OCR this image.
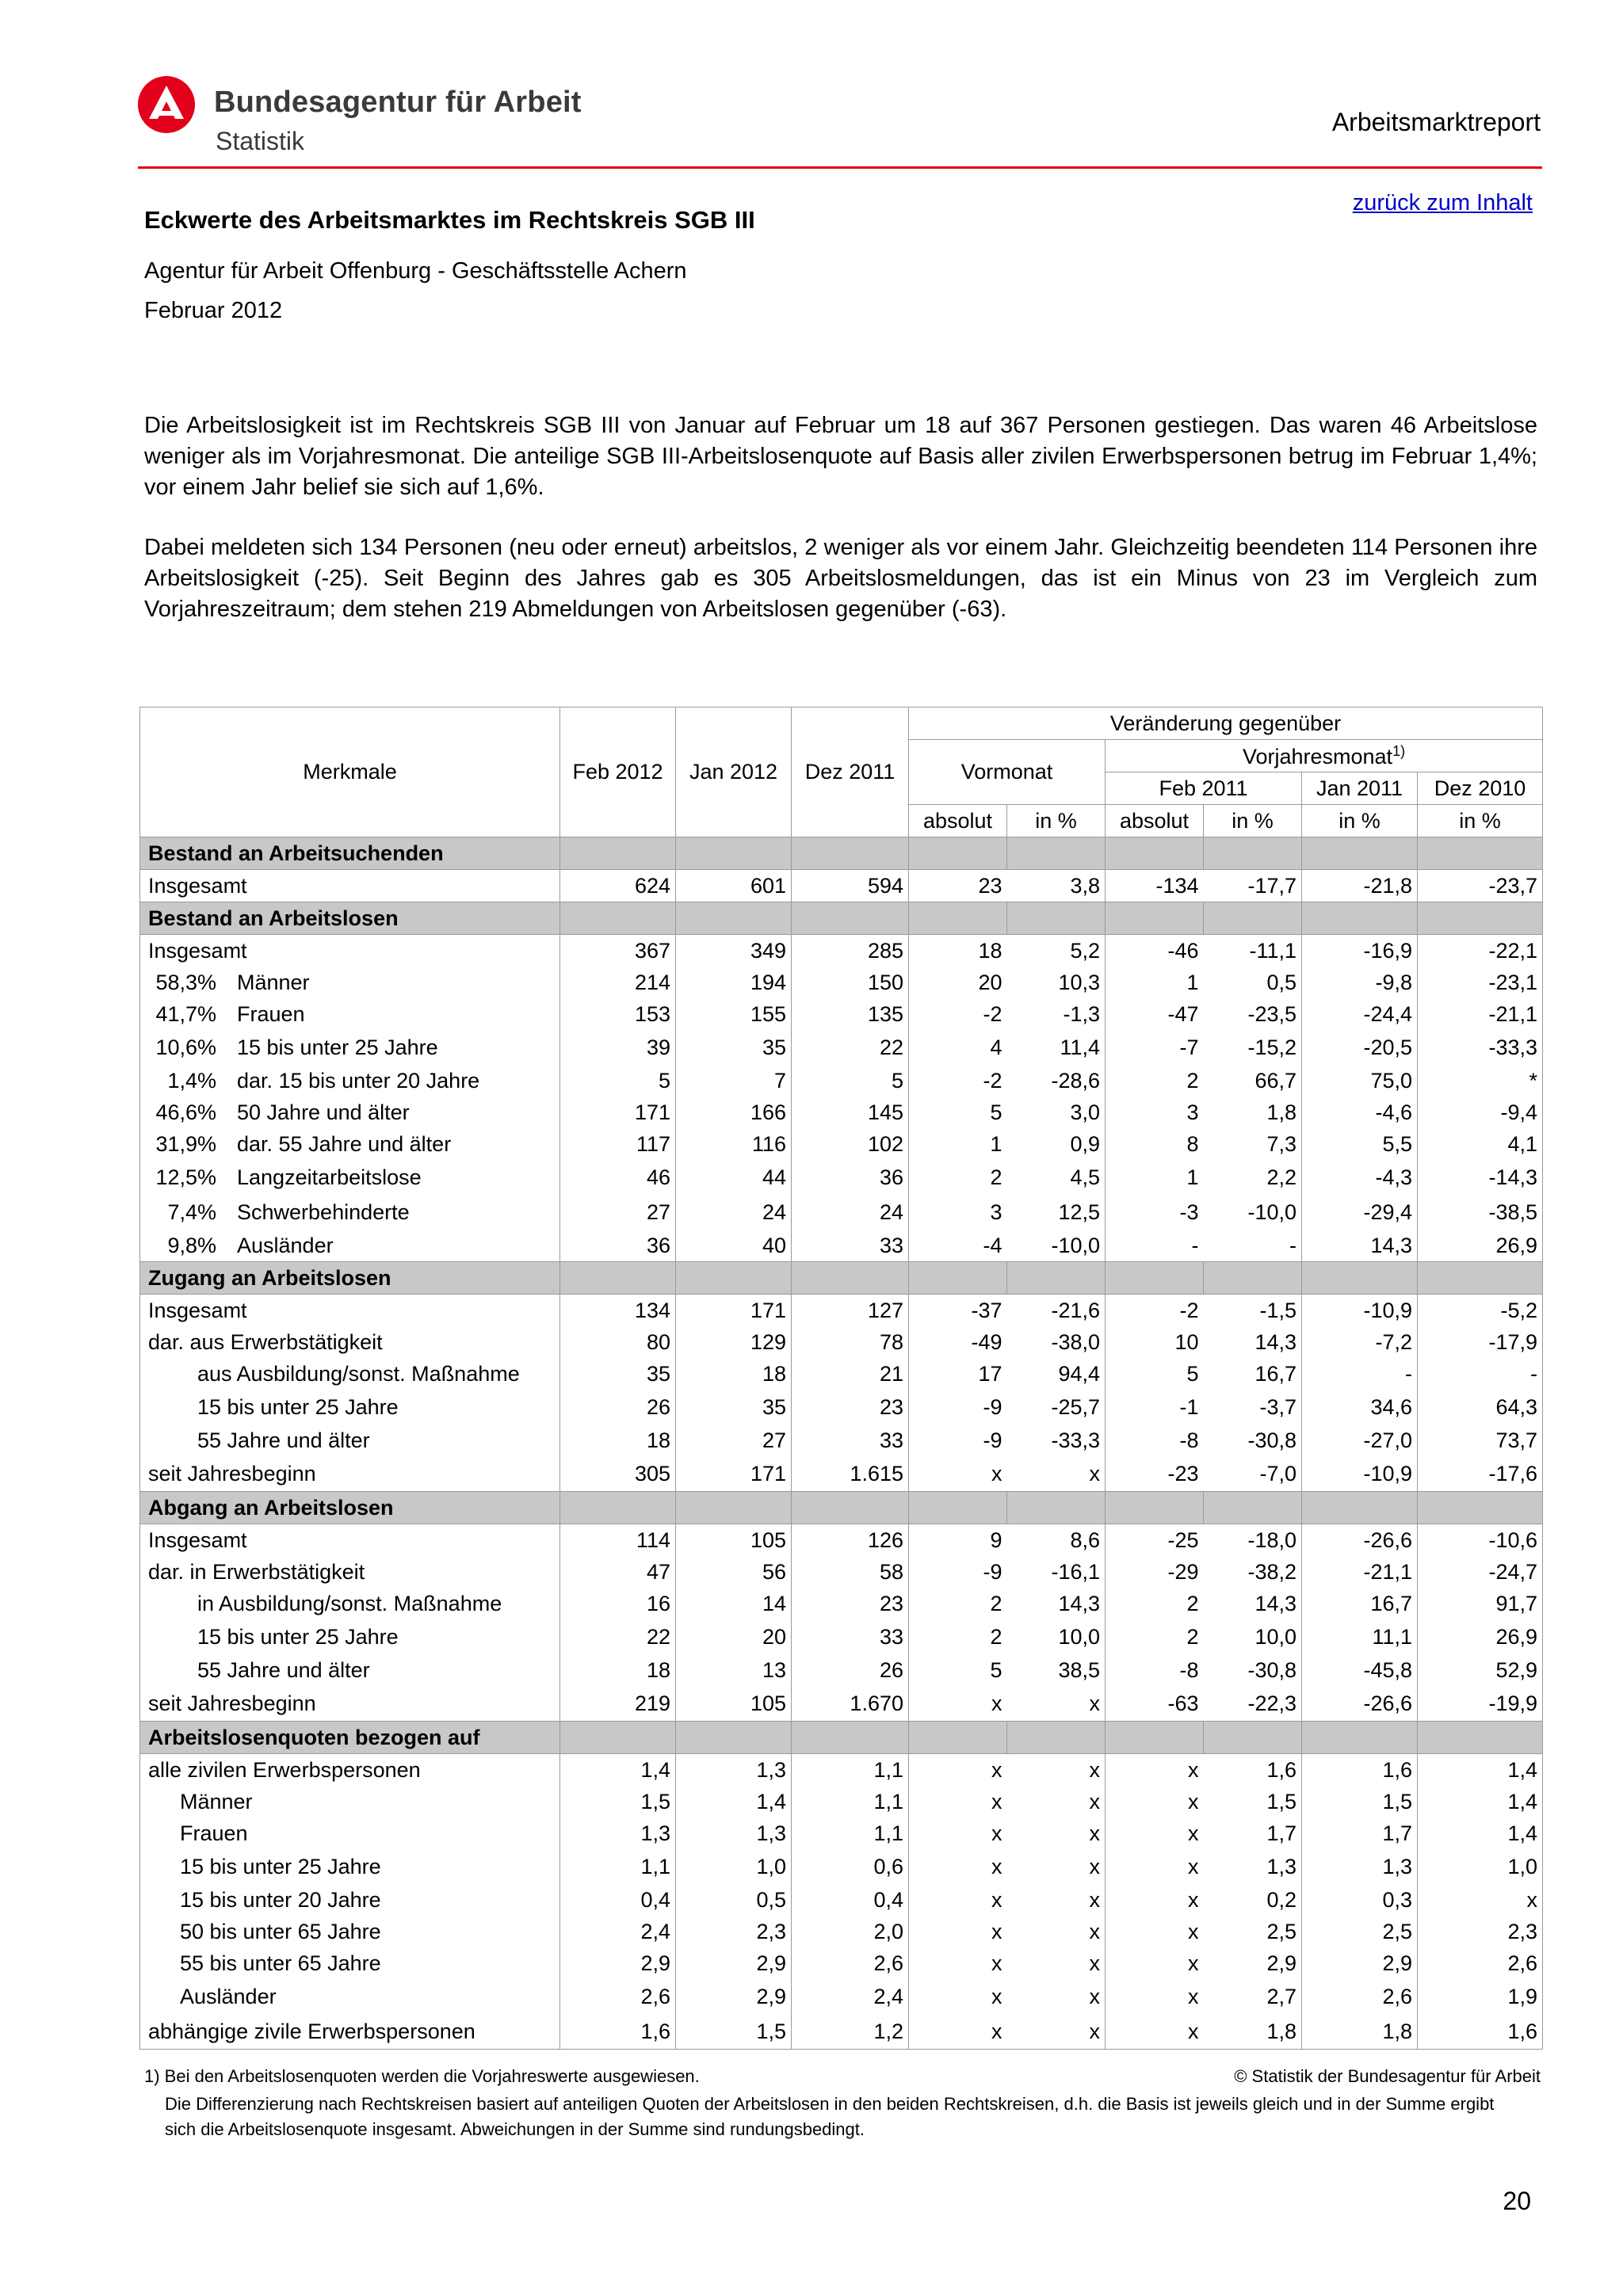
Bundesagentur für Arbeit
Statistik
Arbeitsmarktreport
zurück zum Inhalt
Eckwerte des Arbeitsmarktes im Rechtskreis SGB III
Agentur für Arbeit Offenburg - Geschäftsstelle Achern
Februar 2012

Die Arbeitslosigkeit ist im Rechtskreis SGB III von Januar auf Februar um 18 auf 367 Personen gestiegen. Das waren 46 Arbeitslose weniger als im Vorjahresmonat. Die anteilige SGB III-Arbeitslosenquote auf Basis aller zivilen Erwerbspersonen betrug im Februar 1,4%; vor einem Jahr belief sie sich auf 1,6%.

Dabei meldeten sich 134 Personen (neu oder erneut) arbeitslos, 2 weniger als vor einem Jahr. Gleichzeitig beendeten 114 Personen ihre Arbeitslosigkeit (-25). Seit Beginn des Jahres gab es 305 Arbeitslosmeldungen, das ist ein Minus von 23 im Vergleich zum Vorjahreszeitraum; dem stehen 219 Abmeldungen von Arbeitslosen gegenüber (-63).

Merkmale	Feb 2012	Jan 2012	Dez 2011	Veränderung gegenüber					
				Vormonat		Vorjahresmonat$^{1)}$
						Feb 2011		Jan 2011	Dez 2010
				absolut	in %	absolut	in %	in %	in %
Bestand an Arbeitsuchenden									
Insgesamt	624	601	594	23	3,8	-134	-17,7	-21,8	-23,7
Bestand an Arbeitslosen									
Insgesamt	367	349	285	18	5,2	-46	-11,1	-16,9	-22,1
58,3% Männer	214	194	150	20	10,3	1	0,5	-9,8	-23,1
41,7% Frauen	153	155	135	-2	-1,3	-47	-23,5	-24,4	-21,1
10,6% 15 bis unter 25 Jahre	39	35	22	4	11,4	-7	-15,2	-20,5	-33,3
1,4% dar. 15 bis unter 20 Jahre	5	7	5	-2	-28,6	2	66,7	75,0	*
46,6% 50 Jahre und älter	171	166	145	5	3,0	3	1,8	-4,6	-9,4
31,9% dar. 55 Jahre und älter	117	116	102	1	0,9	8	7,3	5,5	4,1
12,5% Langzeitarbeitslose	46	44	36	2	4,5	1	2,2	-4,3	-14,3
7,4% Schwerbehinderte	27	24	24	3	12,5	-3	-10,0	-29,4	-38,5
9,8% Ausländer	36	40	33	-4	-10,0	-	-	14,3	26,9
Zugang an Arbeitslosen									
Insgesamt	134	171	127	-37	-21,6	-2	-1,5	-10,9	-5,2
dar. aus Erwerbstätigkeit	80	129	78	-49	-38,0	10	14,3	-7,2	-17,9
aus Ausbildung/sonst. Maßnahme	35	18	21	17	94,4	5	16,7	-	-
15 bis unter 25 Jahre	26	35	23	-9	-25,7	-1	-3,7	34,6	64,3
55 Jahre und älter	18	27	33	-9	-33,3	-8	-30,8	-27,0	73,7
seit Jahresbeginn	305	171	1.615	x	x	-23	-7,0	-10,9	-17,6
Abgang an Arbeitslosen									
Insgesamt	114	105	126	9	8,6	-25	-18,0	-26,6	-10,6
dar. in Erwerbstätigkeit	47	56	58	-9	-16,1	-29	-38,2	-21,1	-24,7
in Ausbildung/sonst. Maßnahme	16	14	23	2	14,3	2	14,3	16,7	91,7
15 bis unter 25 Jahre	22	20	33	2	10,0	2	10,0	11,1	26,9
55 Jahre und älter	18	13	26	5	38,5	-8	-30,8	-45,8	52,9
seit Jahresbeginn	219	105	1.670	x	x	-63	-22,3	-26,6	-19,9
Arbeitslosenquoten bezogen auf									
alle zivilen Erwerbspersonen	1,4	1,3	1,1	x	x	x	1,6	1,6	1,4
Männer	1,5	1,4	1,1	x	x	x	1,5	1,5	1,4
Frauen	1,3	1,3	1,1	x	x	x	1,7	1,7	1,4
15 bis unter 25 Jahre	1,1	1,0	0,6	x	x	x	1,3	1,3	1,0
15 bis unter 20 Jahre	0,4	0,5	0,4	x	x	x	0,2	0,3	x
50 bis unter 65 Jahre	2,4	2,3	2,0	x	x	x	2,5	2,5	2,3
55 bis unter 65 Jahre	2,9	2,9	2,6	x	x	x	2,9	2,9	2,6
Ausländer	2,6	2,9	2,4	x	x	x	2,7	2,6	1,9
abhängige zivile Erwerbspersonen	1,6	1,5	1,2	x	x	x	1,8	1,8	1,6
1) Bei den Arbeitslosenquoten werden die Vorjahreswerte ausgewiesen.	© Statistik der Bundesagentur für Arbeit
Die Differenzierung nach Rechtskreisen basiert auf anteiligen Quoten der Arbeitslosen in den beiden Rechtskreisen, d.h. die Basis ist jeweils gleich und in der Summe ergibt sich die Arbeitslosenquote insgesamt. Abweichungen in der Summe sind rundungsbedingt.
20
